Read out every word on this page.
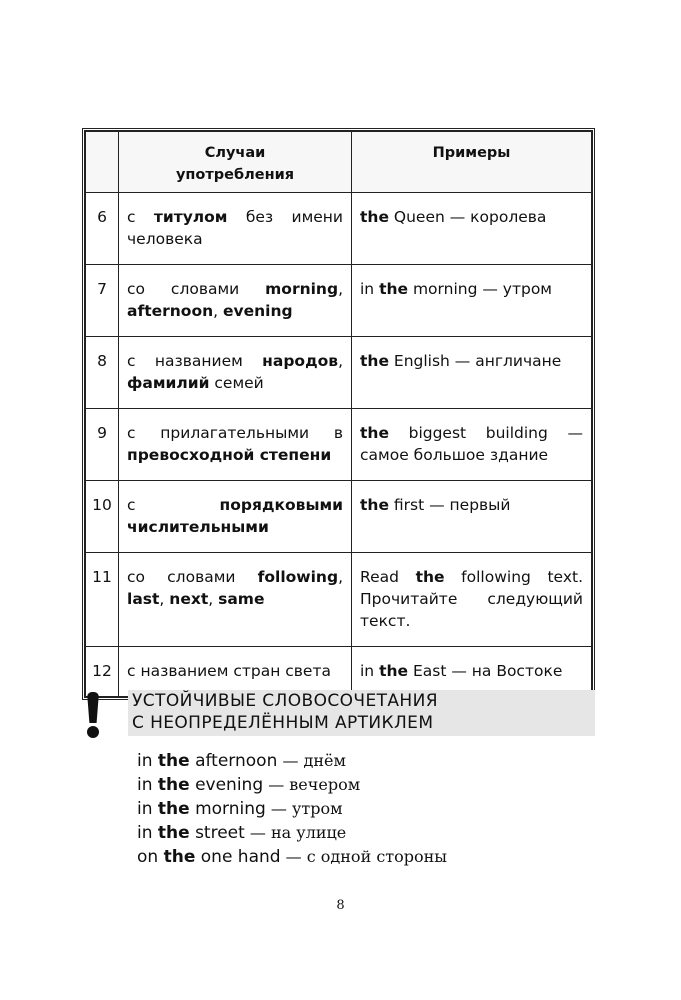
	Случаи употребления	Примеры
6	с титулом без имени человека	the Queen — королева
7	со словами morning, afternoon, evening	in the morning — утром
8	с названием народов, фамилий семей	the English — англичане
9	с прилагательными в превосходной степени	the biggest building — самое большое здание
10	с порядковыми числительными	the first — первый
11	со словами following, last, next, same	Read the following text. Прочитайте следующий текст.
12	с названием стран света	in the East — на Востоке
УСТОЙЧИВЫЕ СЛОВОСОЧЕТАНИЯ
С НЕОПРЕДЕЛЁННЫМ АРТИКЛЕМ
in the afternoon — днём
in the evening — вечером
in the morning — утром
in the street — на улице
on the one hand — с одной стороны
8
